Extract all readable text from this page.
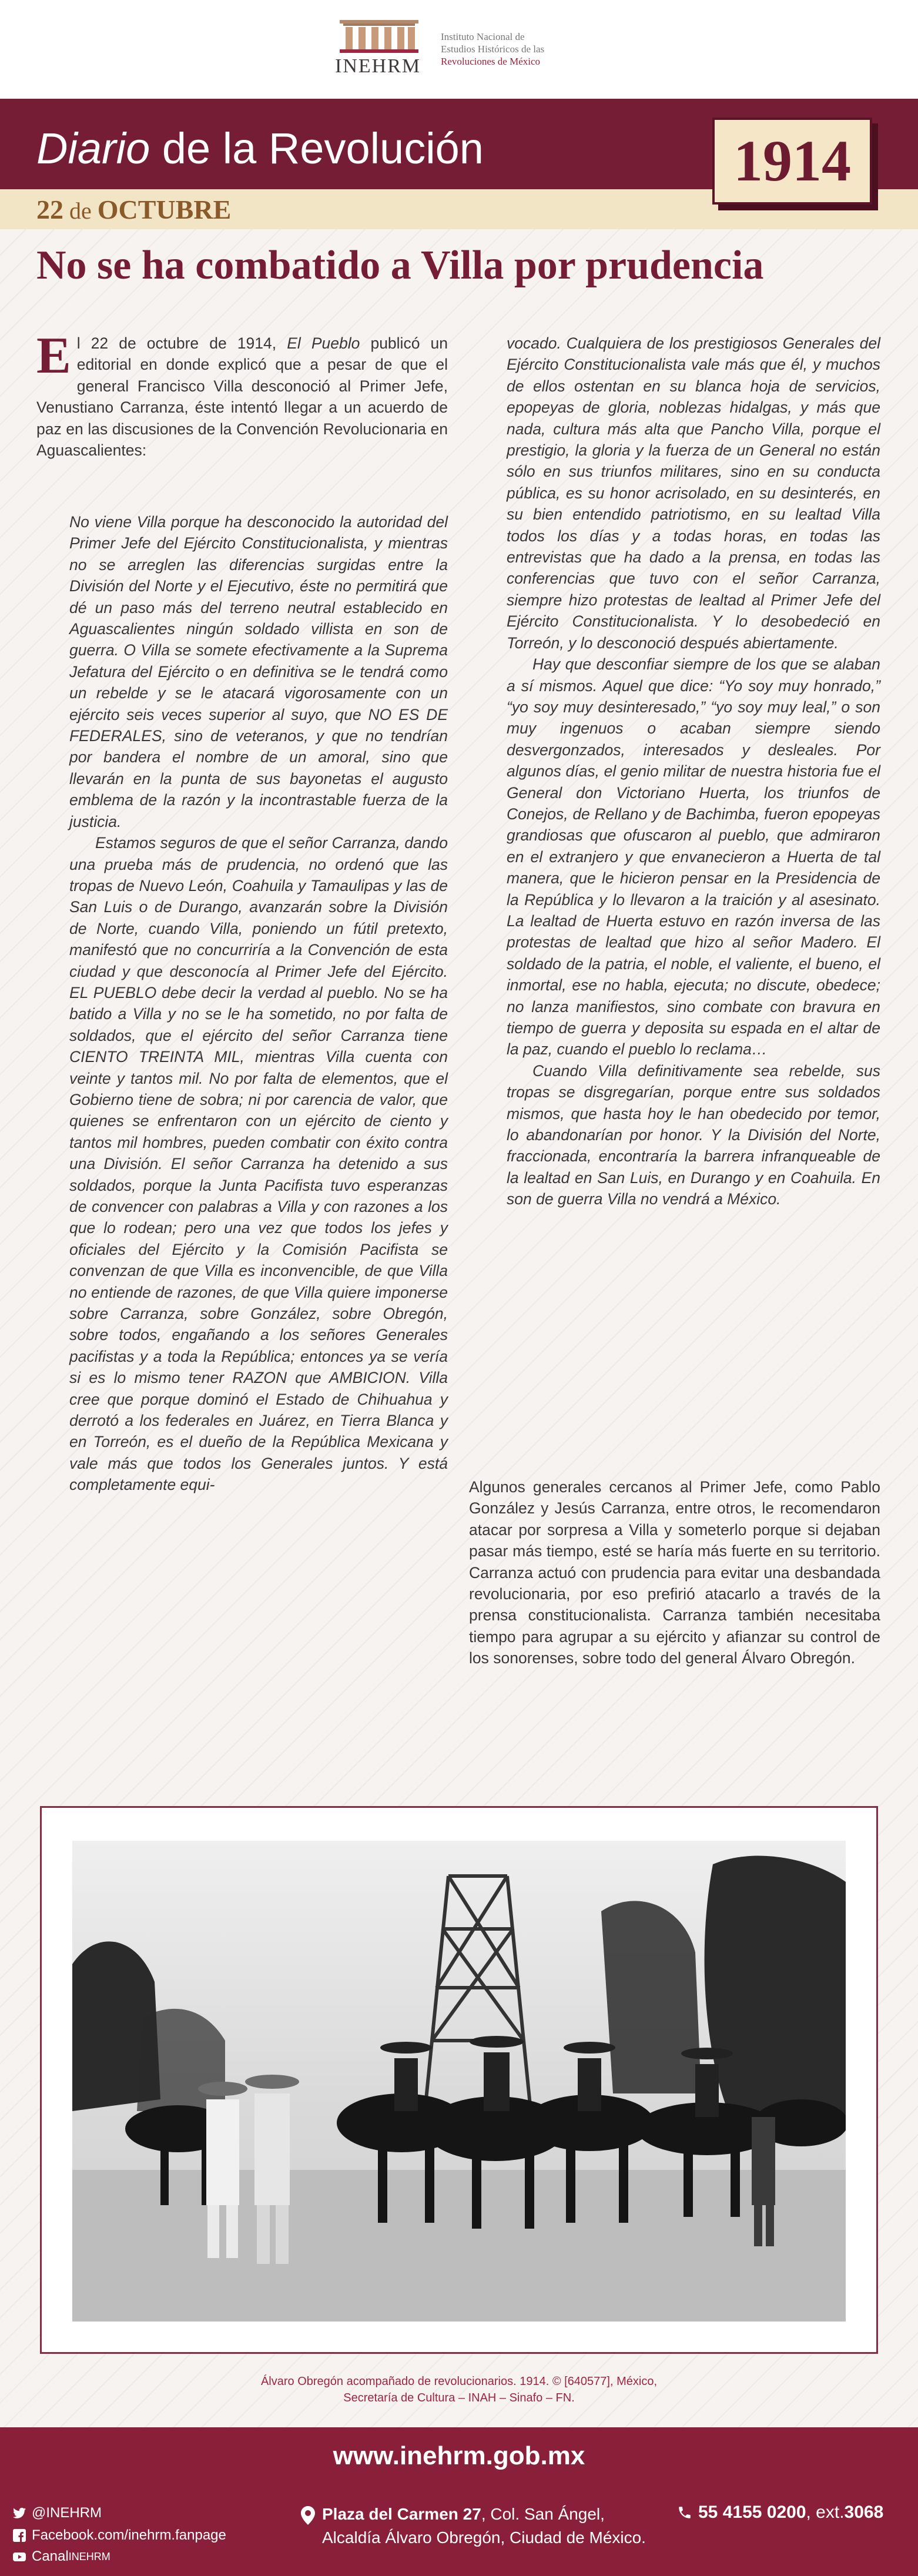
INEHRM
Instituto Nacional de
Estudios Históricos de las
Revoluciones de México
Diario de la Revolución
22 de OCTUBRE
1914
No se ha combatido a Villa por prudencia
El 22 de octubre de 1914, El Pueblo publicó un editorial en donde explicó que a pesar de que el general Francisco Villa desconoció al Primer Jefe, Venustiano Carranza, éste intentó llegar a un acuerdo de paz en las discusiones de la Convención Revolucionaria en Aguascalientes:

No viene Villa porque ha desconocido la autoridad del Primer Jefe del Ejército Constitucionalista, y mientras no se arreglen las diferencias surgidas entre la División del Norte y el Ejecutivo, éste no permitirá que dé un paso más del terreno neutral establecido en Aguascalientes ningún soldado villista en son de guerra. O Villa se somete efectivamente a la Suprema Jefatura del Ejército o en definitiva se le tendrá como un rebelde y se le atacará vigorosamente con un ejército seis veces superior al suyo, que NO ES DE FEDERALES, sino de veteranos, y que no tendrían por bandera el nombre de un amoral, sino que llevarán en la punta de sus bayonetas el augusto emblema de la razón y la incontrastable fuerza de la justicia.

Estamos seguros de que el señor Carranza, dando una prueba más de prudencia, no ordenó que las tropas de Nuevo León, Coahuila y Tamaulipas y las de San Luis o de Durango, avanzarán sobre la División de Norte, cuando Villa, poniendo un fútil pretexto, manifestó que no concurriría a la Convención de esta ciudad y que desconocía al Primer Jefe del Ejército. EL PUEBLO debe decir la verdad al pueblo. No se ha batido a Villa y no se le ha sometido, no por falta de soldados, que el ejército del señor Carranza tiene CIENTO TREINTA MIL, mientras Villa cuenta con veinte y tantos mil. No por falta de elementos, que el Gobierno tiene de sobra; ni por carencia de valor, que quienes se enfrentaron con un ejército de ciento y tantos mil hombres, pueden combatir con éxito contra una División. El señor Carranza ha detenido a sus soldados, porque la Junta Pacifista tuvo esperanzas de convencer con palabras a Villa y con razones a los que lo rodean; pero una vez que todos los jefes y oficiales del Ejército y la Comisión Pacifista se convenzan de que Villa es inconvencible, de que Villa no entiende de razones, de que Villa quiere imponerse sobre Carranza, sobre González, sobre Obregón, sobre todos, engañando a los señores Generales pacifistas y a toda la República; entonces ya se vería si es lo mismo tener RAZON que AMBICION. Villa cree que porque dominó el Estado de Chihuahua y derrotó a los federales en Juárez, en Tierra Blanca y en Torreón, es el dueño de la República Mexicana y vale más que todos los Generales juntos. Y está completamente equi-

vocado. Cualquiera de los prestigiosos Generales del Ejército Constitucionalista vale más que él, y muchos de ellos ostentan en su blanca hoja de servicios, epopeyas de gloria, noblezas hidalgas, y más que nada, cultura más alta que Pancho Villa, porque el prestigio, la gloria y la fuerza de un General no están sólo en sus triunfos militares, sino en su conducta pública, es su honor acrisolado, en su desinterés, en su bien entendido patriotismo, en su lealtad Villa todos los días y a todas horas, en todas las entrevistas que ha dado a la prensa, en todas las conferencias que tuvo con el señor Carranza, siempre hizo protestas de lealtad al Primer Jefe del Ejército Constitucionalista. Y lo desobedeció en Torreón, y lo desconoció después abiertamente.

Hay que desconfiar siempre de los que se alaban a sí mismos. Aquel que dice: “Yo soy muy honrado,” “yo soy muy desinteresado,” “yo soy muy leal,” o son muy ingenuos o acaban siempre siendo desvergonzados, interesados y desleales. Por algunos días, el genio militar de nuestra historia fue el General don Victoriano Huerta, los triunfos de Conejos, de Rellano y de Bachimba, fueron epopeyas grandiosas que ofuscaron al pueblo, que admiraron en el extranjero y que envanecieron a Huerta de tal manera, que le hicieron pensar en la Presidencia de la República y lo llevaron a la traición y al asesinato. La lealtad de Huerta estuvo en razón inversa de las protestas de lealtad que hizo al señor Madero. El soldado de la patria, el noble, el valiente, el bueno, el inmortal, ese no habla, ejecuta; no discute, obedece; no lanza manifiestos, sino combate con bravura en tiempo de guerra y deposita su espada en el altar de la paz, cuando el pueblo lo reclama…

Cuando Villa definitivamente sea rebelde, sus tropas se disgregarían, porque entre sus soldados mismos, que hasta hoy le han obedecido por temor, lo abandonarían por honor. Y la División del Norte, fraccionada, encontraría la barrera infranqueable de la lealtad en San Luis, en Durango y en Coahuila. En son de guerra Villa no vendrá a México.

Algunos generales cercanos al Primer Jefe, como Pablo González y Jesús Carranza, entre otros, le recomendaron atacar por sorpresa a Villa y someterlo porque si dejaban pasar más tiempo, esté se haría más fuerte en su territorio. Carranza actuó con prudencia para evitar una desbandada revolucionaria, por eso prefirió atacarlo a través de la prensa constitucionalista. Carranza también necesitaba tiempo para agrupar a su ejército y afianzar su control de los sonorenses, sobre todo del general Álvaro Obregón.

Álvaro Obregón acompañado de revolucionarios. 1914. © [640577], México,
Secretaría de Cultura – INAH – Sinafo – FN.
www.inehrm.gob.mx
@INEHRM
Facebook.com/inehrm.fanpage
Canal INEHRM
Plaza del Carmen 27, Col. San Ángel,
Alcaldía Álvaro Obregón, Ciudad de México.
55 4155 0200 , ext. 3068
